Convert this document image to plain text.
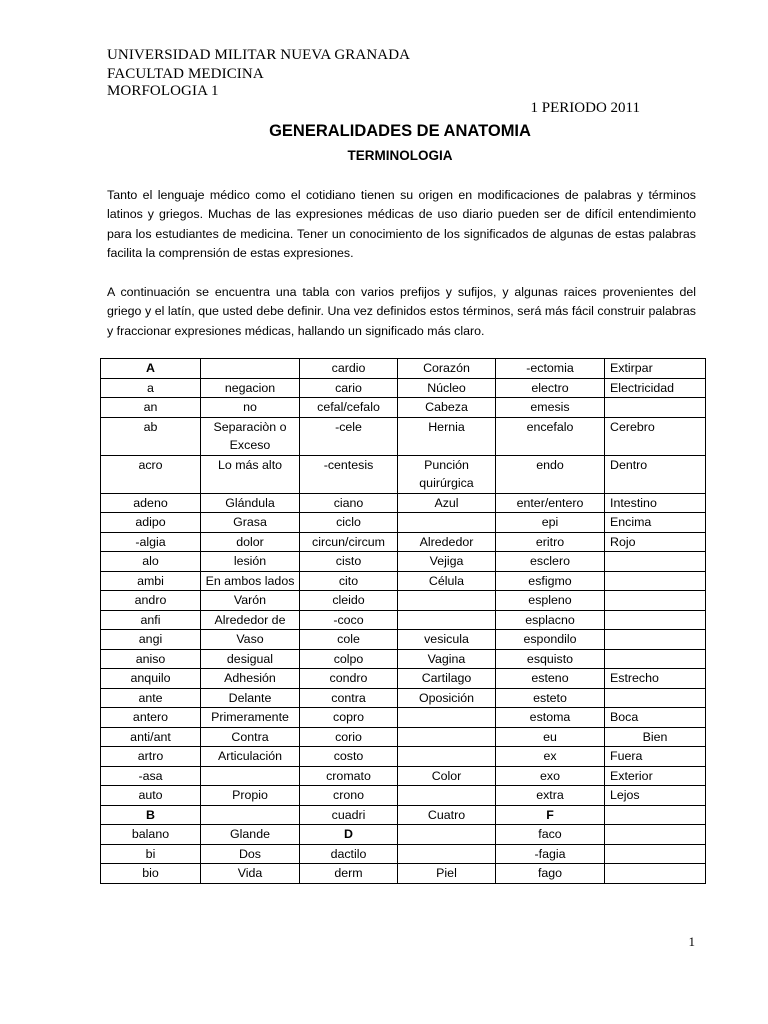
UNIVERSIDAD MILITAR NUEVA GRANADA
FACULTAD MEDICINA
MORFOLOGIA 1
1 PERIODO 2011
GENERALIDADES DE ANATOMIA
TERMINOLOGIA

Tanto el lenguaje médico como el cotidiano tienen su origen en modificaciones de palabras y términos latinos y griegos. Muchas de las expresiones médicas de uso diario pueden ser de difícil entendimiento para los estudiantes de medicina. Tener un conocimiento de los significados de algunas de estas palabras facilita la comprensión de estas expresiones.

A continuación se encuentra una tabla con varios prefijos y sufijos, y algunas raices provenientes del griego y el latín, que usted debe definir. Una vez definidos estos términos, será más fácil construir palabras y fraccionar expresiones médicas, hallando un significado más claro.

A		cardio	Corazón	-ectomia	Extirpar
a	negacion	cario	Núcleo	electro	Electricidad
an	no	cefal/cefalo	Cabeza	emesis	
ab	Separaciòn o Exceso	-cele	Hernia	encefalo	Cerebro
acro	Lo más alto	-centesis	Punción quirúrgica	endo	Dentro
adeno	Glándula	ciano	Azul	enter/entero	Intestino
adipo	Grasa	ciclo		epi	Encima
-algia	dolor	circun/circum	Alrededor	eritro	Rojo
alo	lesión	cisto	Vejiga	esclero	
ambi	En ambos lados	cito	Célula	esfigmo	
andro	Varón	cleido		espleno	
anfi	Alrededor de	-coco		esplacno	
angi	Vaso	cole	vesicula	espondilo	
aniso	desigual	colpo	Vagina	esquisto	
anquilo	Adhesión	condro	Cartilago	esteno	Estrecho
ante	Delante	contra	Oposición	esteto	
antero	Primeramente	copro		estoma	Boca
anti/ant	Contra	corio		eu	Bien
artro	Articulación	costo		ex	Fuera
-asa		cromato	Color	exo	Exterior
auto	Propio	crono		extra	Lejos
B		cuadri	Cuatro	F	
balano	Glande	D		faco	
bi	Dos	dactilo		-fagia	
bio	Vida	derm	Piel	fago	
1
